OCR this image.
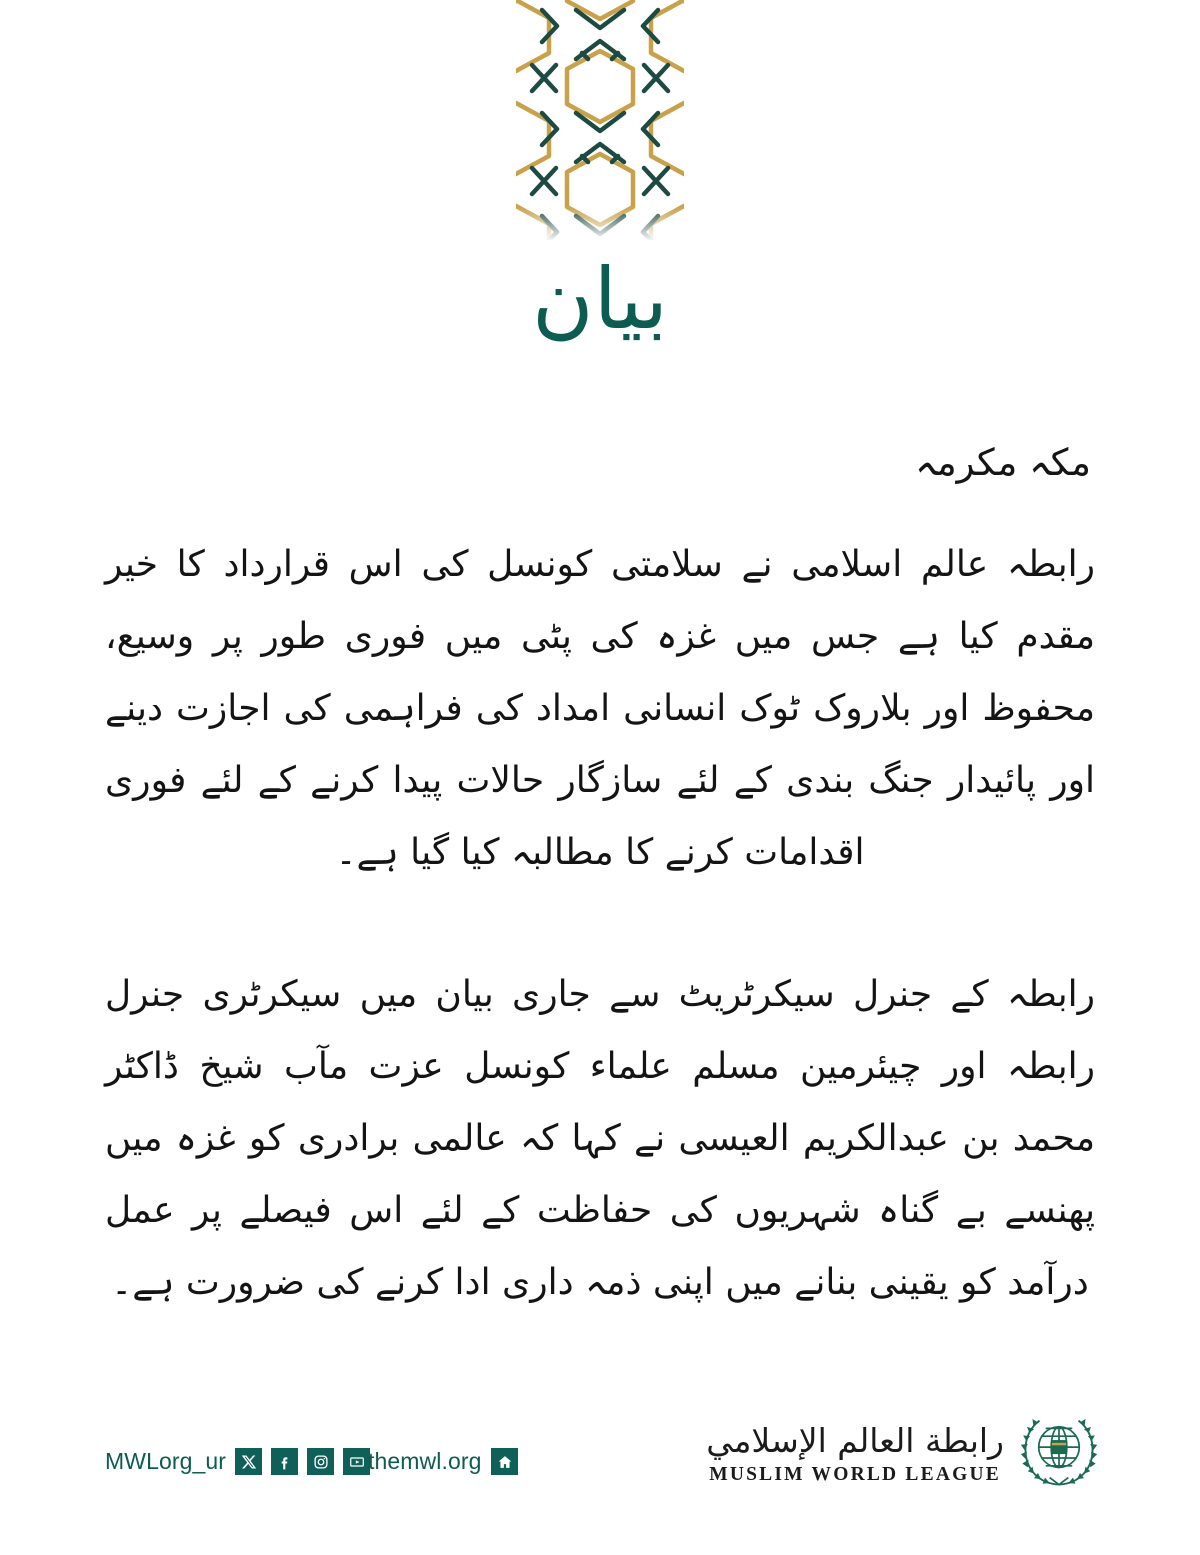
بيان
مکہ مکرمہ

رابطہ عالم اسلامی نے سلامتی کونسل کی اس قرارداد کا خیر مقدم کیا ہے جس میں غزہ کی پٹی میں فوری طور پر وسیع، محفوظ اور بلاروک ٹوک انسانی امداد کی فراہمی کی اجازت دینے اور پائیدار جنگ بندی کے لئے سازگار حالات پیدا کرنے کے لئے فوری اقدامات کرنے کا مطالبہ کیا گیا ہے۔

رابطہ کے جنرل سیکرٹریٹ سے جاری بیان میں سیکرٹری جنرل رابطہ اور چیئرمین مسلم علماء کونسل عزت مآب شیخ ڈاکٹر محمد بن عبدالکریم العیسی نے کہا کہ عالمی برادری کو غزہ میں پھنسے بے گناہ شہریوں کی حفاظت کے لئے اس فیصلے پر عمل درآمد کو یقینی بنانے میں اپنی ذمہ داری ادا کرنے کی ضرورت ہے۔

MWLorg_ur	themwl.org
رابطة العالم الإسلامي
MUSLIM WORLD LEAGUE
